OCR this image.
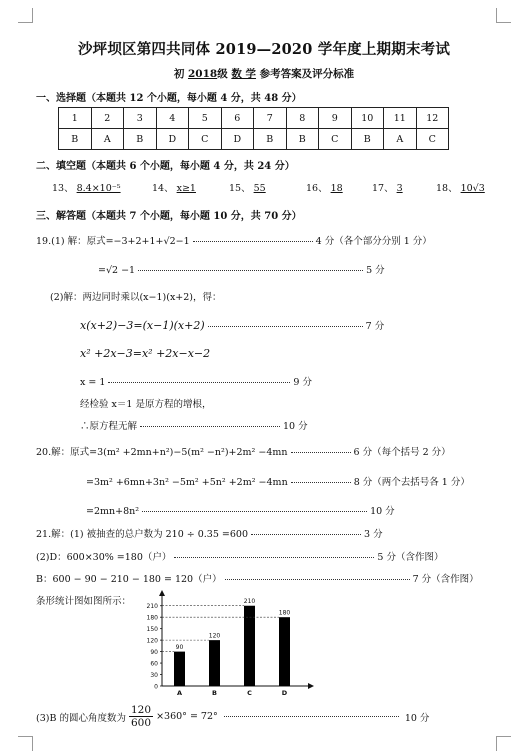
沙坪坝区第四共同体 2019—2020 学年度上期期末考试
初 2018级 数 学 参考答案及评分标准
一、选择题（本题共 12 个小题，每小题 4 分，共 48 分）
1	2	3	4	5	6	7	8	9	10	11	12
B	A	B	D	C	D	B	B	C	B	A	C
二、填空题（本题共 6 个小题，每小题 4 分，共 24 分）
13、 8.4×10⁻⁵	14、 x≥1	15、 55	16、 18	17、 3	18、 10√3
三、解答题（本题共 7 个小题，每小题 10 分，共 70 分）
19.(1) 解：原式=−3+2+1+√2−1	4 分（各个部分分别 1 分）
=√2 −1	5 分
(2)解：两边同时乘以(x−1)(x+2)，得：
x(x+2)−3=(x−1)(x+2)	7 分
x² +2x−3=x² +2x−x−2
x = 1	9 分
经检验 x＝1 是原方程的增根，
∴原方程无解	10 分
20.解：原式=3(m² +2mn+n²)−5(m² −n²)+2m² −4mn	6 分（每个括号 2 分）
=3m² +6mn+3n² −5m² +5n² +2m² −4mn	8 分（两个去括号各 1 分）
=2mn+8n²	10 分
21.解：(1) 被抽查的总户数为 210 ÷ 0.35 =600	3 分
(2)D：600×30% =180（户）	5 分（含作图）
B：600 − 90 − 210 − 180 = 120（户）	7 分（含作图）
条形统计图如图所示：
0
30
60
90
120
150
180
210
90
A
120
B
210
C
180
D
(3)B 的圆心角度数为 $\frac{120}{600} \times 360^\circ = 72^\circ$	10 分
